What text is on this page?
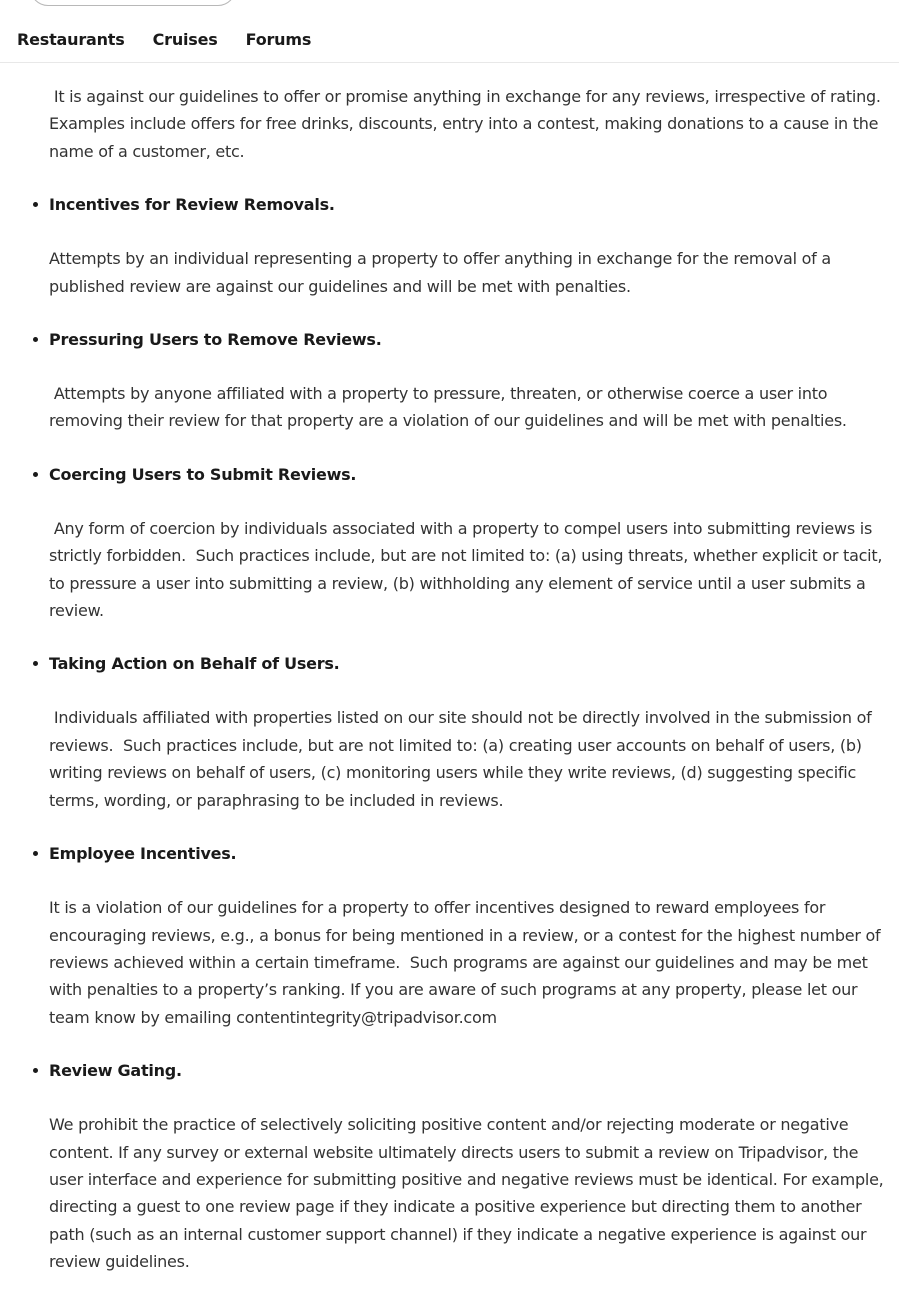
Restaurants Cruises Forums

It is against our guidelines to offer or promise anything in exchange for any reviews, irrespective of rating. Examples include offers for free drinks, discounts, entry into a contest, making donations to a cause in the name of a customer, etc.

Incentives for Review Removals.

Attempts by an individual representing a property to offer anything in exchange for the removal of a published review are against our guidelines and will be met with penalties.

Pressuring Users to Remove Reviews.

Attempts by anyone affiliated with a property to pressure, threaten, or otherwise coerce a user into removing their review for that property are a violation of our guidelines and will be met with penalties.

Coercing Users to Submit Reviews.

Any form of coercion by individuals associated with a property to compel users into submitting reviews is strictly forbidden.  Such practices include, but are not limited to: (a) using threats, whether explicit or tacit, to pressure a user into submitting a review, (b) withholding any element of service until a user submits a review.

Taking Action on Behalf of Users.

Individuals affiliated with properties listed on our site should not be directly involved in the submission of reviews.  Such practices include, but are not limited to: (a) creating user accounts on behalf of users, (b) writing reviews on behalf of users, (c) monitoring users while they write reviews, (d) suggesting specific terms, wording, or paraphrasing to be included in reviews.

Employee Incentives.

It is a violation of our guidelines for a property to offer incentives designed to reward employees for encouraging reviews, e.g., a bonus for being mentioned in a review, or a contest for the highest number of reviews achieved within a certain timeframe.  Such programs are against our guidelines and may be met with penalties to a property’s ranking. If you are aware of such programs at any property, please let our team know by emailing contentintegrity@tripadvisor.com

Review Gating.

We prohibit the practice of selectively soliciting positive content and/or rejecting moderate or negative content. If any survey or external website ultimately directs users to submit a review on Tripadvisor, the user interface and experience for submitting positive and negative reviews must be identical. For example, directing a guest to one review page if they indicate a positive experience but directing them to another path (such as an internal customer support channel) if they indicate a negative experience is against our review guidelines.
